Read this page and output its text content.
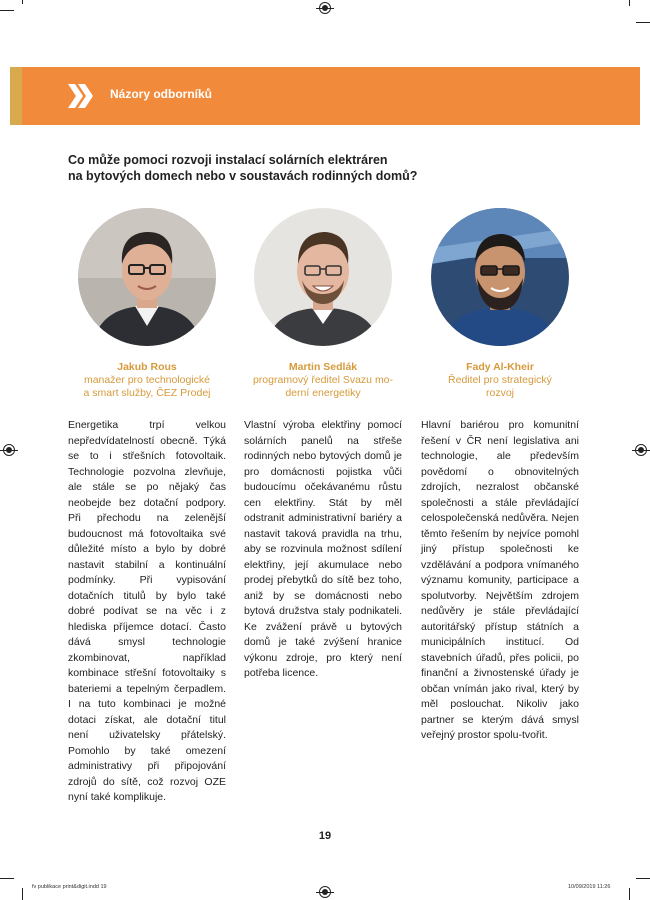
Názory odborníků
Co může pomoci rozvoji instalací solárních elektráren
na bytových domech nebo v soustavách rodinných domů?
Jakub Rous
manažer pro technologické
a smart služby, ČEZ Prodej
Martin Sedlák
programový ředitel Svazu mo-
derní energetiky
Fady Al-Kheir
Ředitel pro strategický
rozvoj
Energetika trpí velkou nepředvídatelností obecně. Týká se to i střešních fotovoltaik. Technologie pozvolna zlevňuje, ale stále se po nějaký čas neobejde bez dotační podpory. Při přechodu na zelenější budoucnost má fotovoltaika své důležité místo a bylo by dobré nastavit stabilní a kontinuální podmínky. Při vypisování dotačních titulů by bylo také dobré podívat se na věc i z hlediska příjemce dotací. Často dává smysl technologie zkombinovat, například kombinace střešní fotovoltaiky s bateriemi a tepelným čerpadlem. I na tuto kombinaci je možné dotaci získat, ale dotační titul není uživatelsky přátelský. Pomohlo by také omezení administrativy při připojování zdrojů do sítě, což rozvoj OZE nyní také komplikuje.
Vlastní výroba elektřiny pomocí solárních panelů na střeše rodinných nebo bytových domů je pro domácnosti pojistka vůči budoucímu očekávanému růstu cen elektřiny. Stát by měl odstranit administrativní bariéry a nastavit taková pravidla na trhu, aby se rozvinula možnost sdílení elektřiny, její akumulace nebo prodej přebytků do sítě bez toho, aniž by se domácnosti nebo bytová družstva staly podnikateli. Ke zvážení právě u bytových domů je také zvýšení hranice výkonu zdroje, pro který není potřeba licence.
Hlavní bariérou pro komunitní řešení v ČR není legislativa ani technologie, ale především povědomí o obnovitelných zdrojích, nezralost občanské společnosti a stále převládající celospolečenská nedůvěra. Nejen těmto řešením by nejvíce pomohl jiný přístup společnosti ke vzdělávání a podpora vnímaného významu komunity, participace a spolutvorby. Největším zdrojem nedůvěry je stále převládající autoritářský přístup státních a municipálních institucí. Od stavebních úřadů, přes policii, po finanční a živnostenské úřady je občan vnímán jako rival, který by měl poslouchat. Nikoliv jako partner se kterým dává smysl veřejný prostor spolu-tvořit.
19
fv publikace print&digit.indd 19	10/09/2019 11:26
